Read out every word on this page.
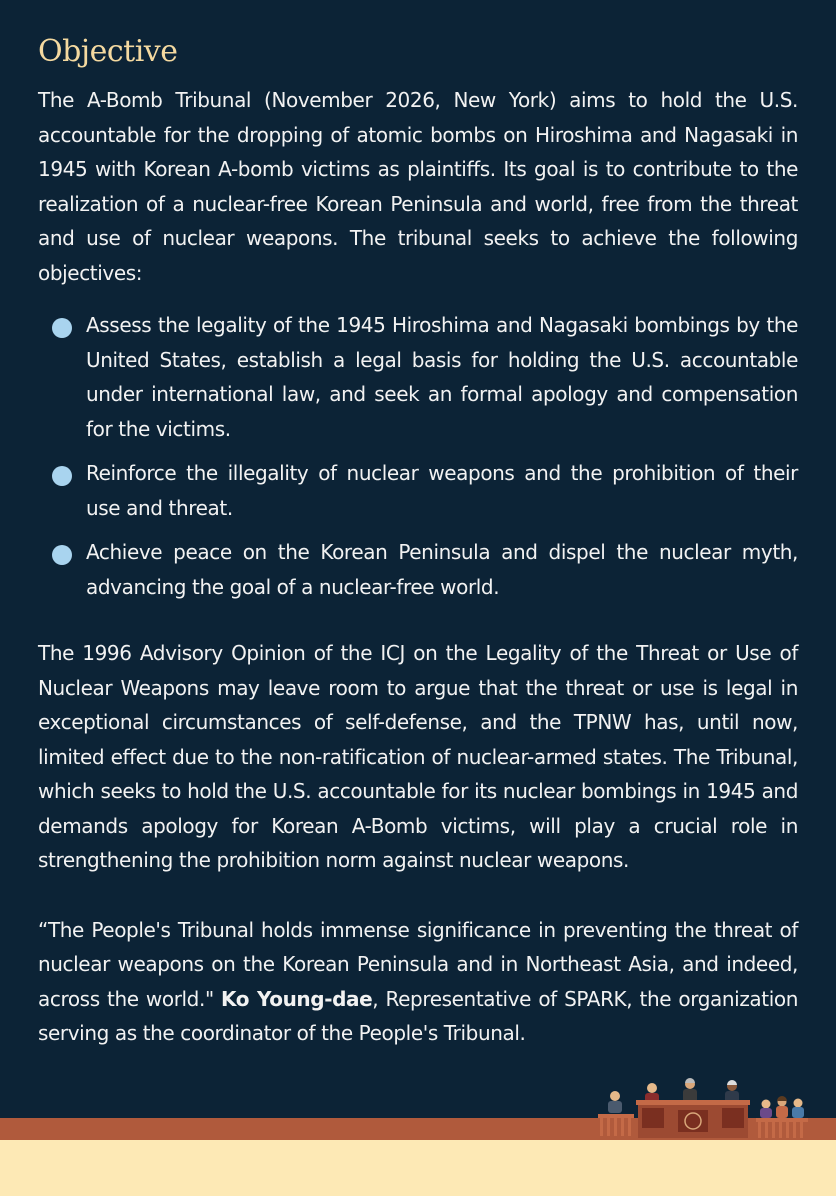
Objective

The A-Bomb Tribunal (November 2026, New York) aims to hold the U.S. accountable for the dropping of atomic bombs on Hiroshima and Nagasaki in 1945 with Korean A-bomb victims as plaintiffs. Its goal is to contribute to the realization of a nuclear-free Korean Peninsula and world, free from the threat and use of nuclear weapons. The tribunal seeks to achieve the following objectives:

Assess the legality of the 1945 Hiroshima and Nagasaki bombings by the United States, establish a legal basis for holding the U.S. accountable under international law, and seek an formal apology and compensation for the victims.
Reinforce the illegality of nuclear weapons and the prohibition of their use and threat.
Achieve peace on the Korean Peninsula and dispel the nuclear myth, advancing the goal of a nuclear-free world.

The 1996 Advisory Opinion of the ICJ on the Legality of the Threat or Use of Nuclear Weapons may leave room to argue that the threat or use is legal in exceptional circumstances of self-defense, and the TPNW has, until now, limited effect due to the non-ratification of nuclear-armed states. The Tribunal, which seeks to hold the U.S. accountable for its nuclear bombings in 1945 and demands apology for Korean A-Bomb victims, will play a crucial role in strengthening the prohibition norm against nuclear weapons.

“The People's Tribunal holds immense significance in preventing the threat of nuclear weapons on the Korean Peninsula and in Northeast Asia, and indeed, across the world." Ko Young-dae, Representative of SPARK, the organization serving as the coordinator of the People's Tribunal.
